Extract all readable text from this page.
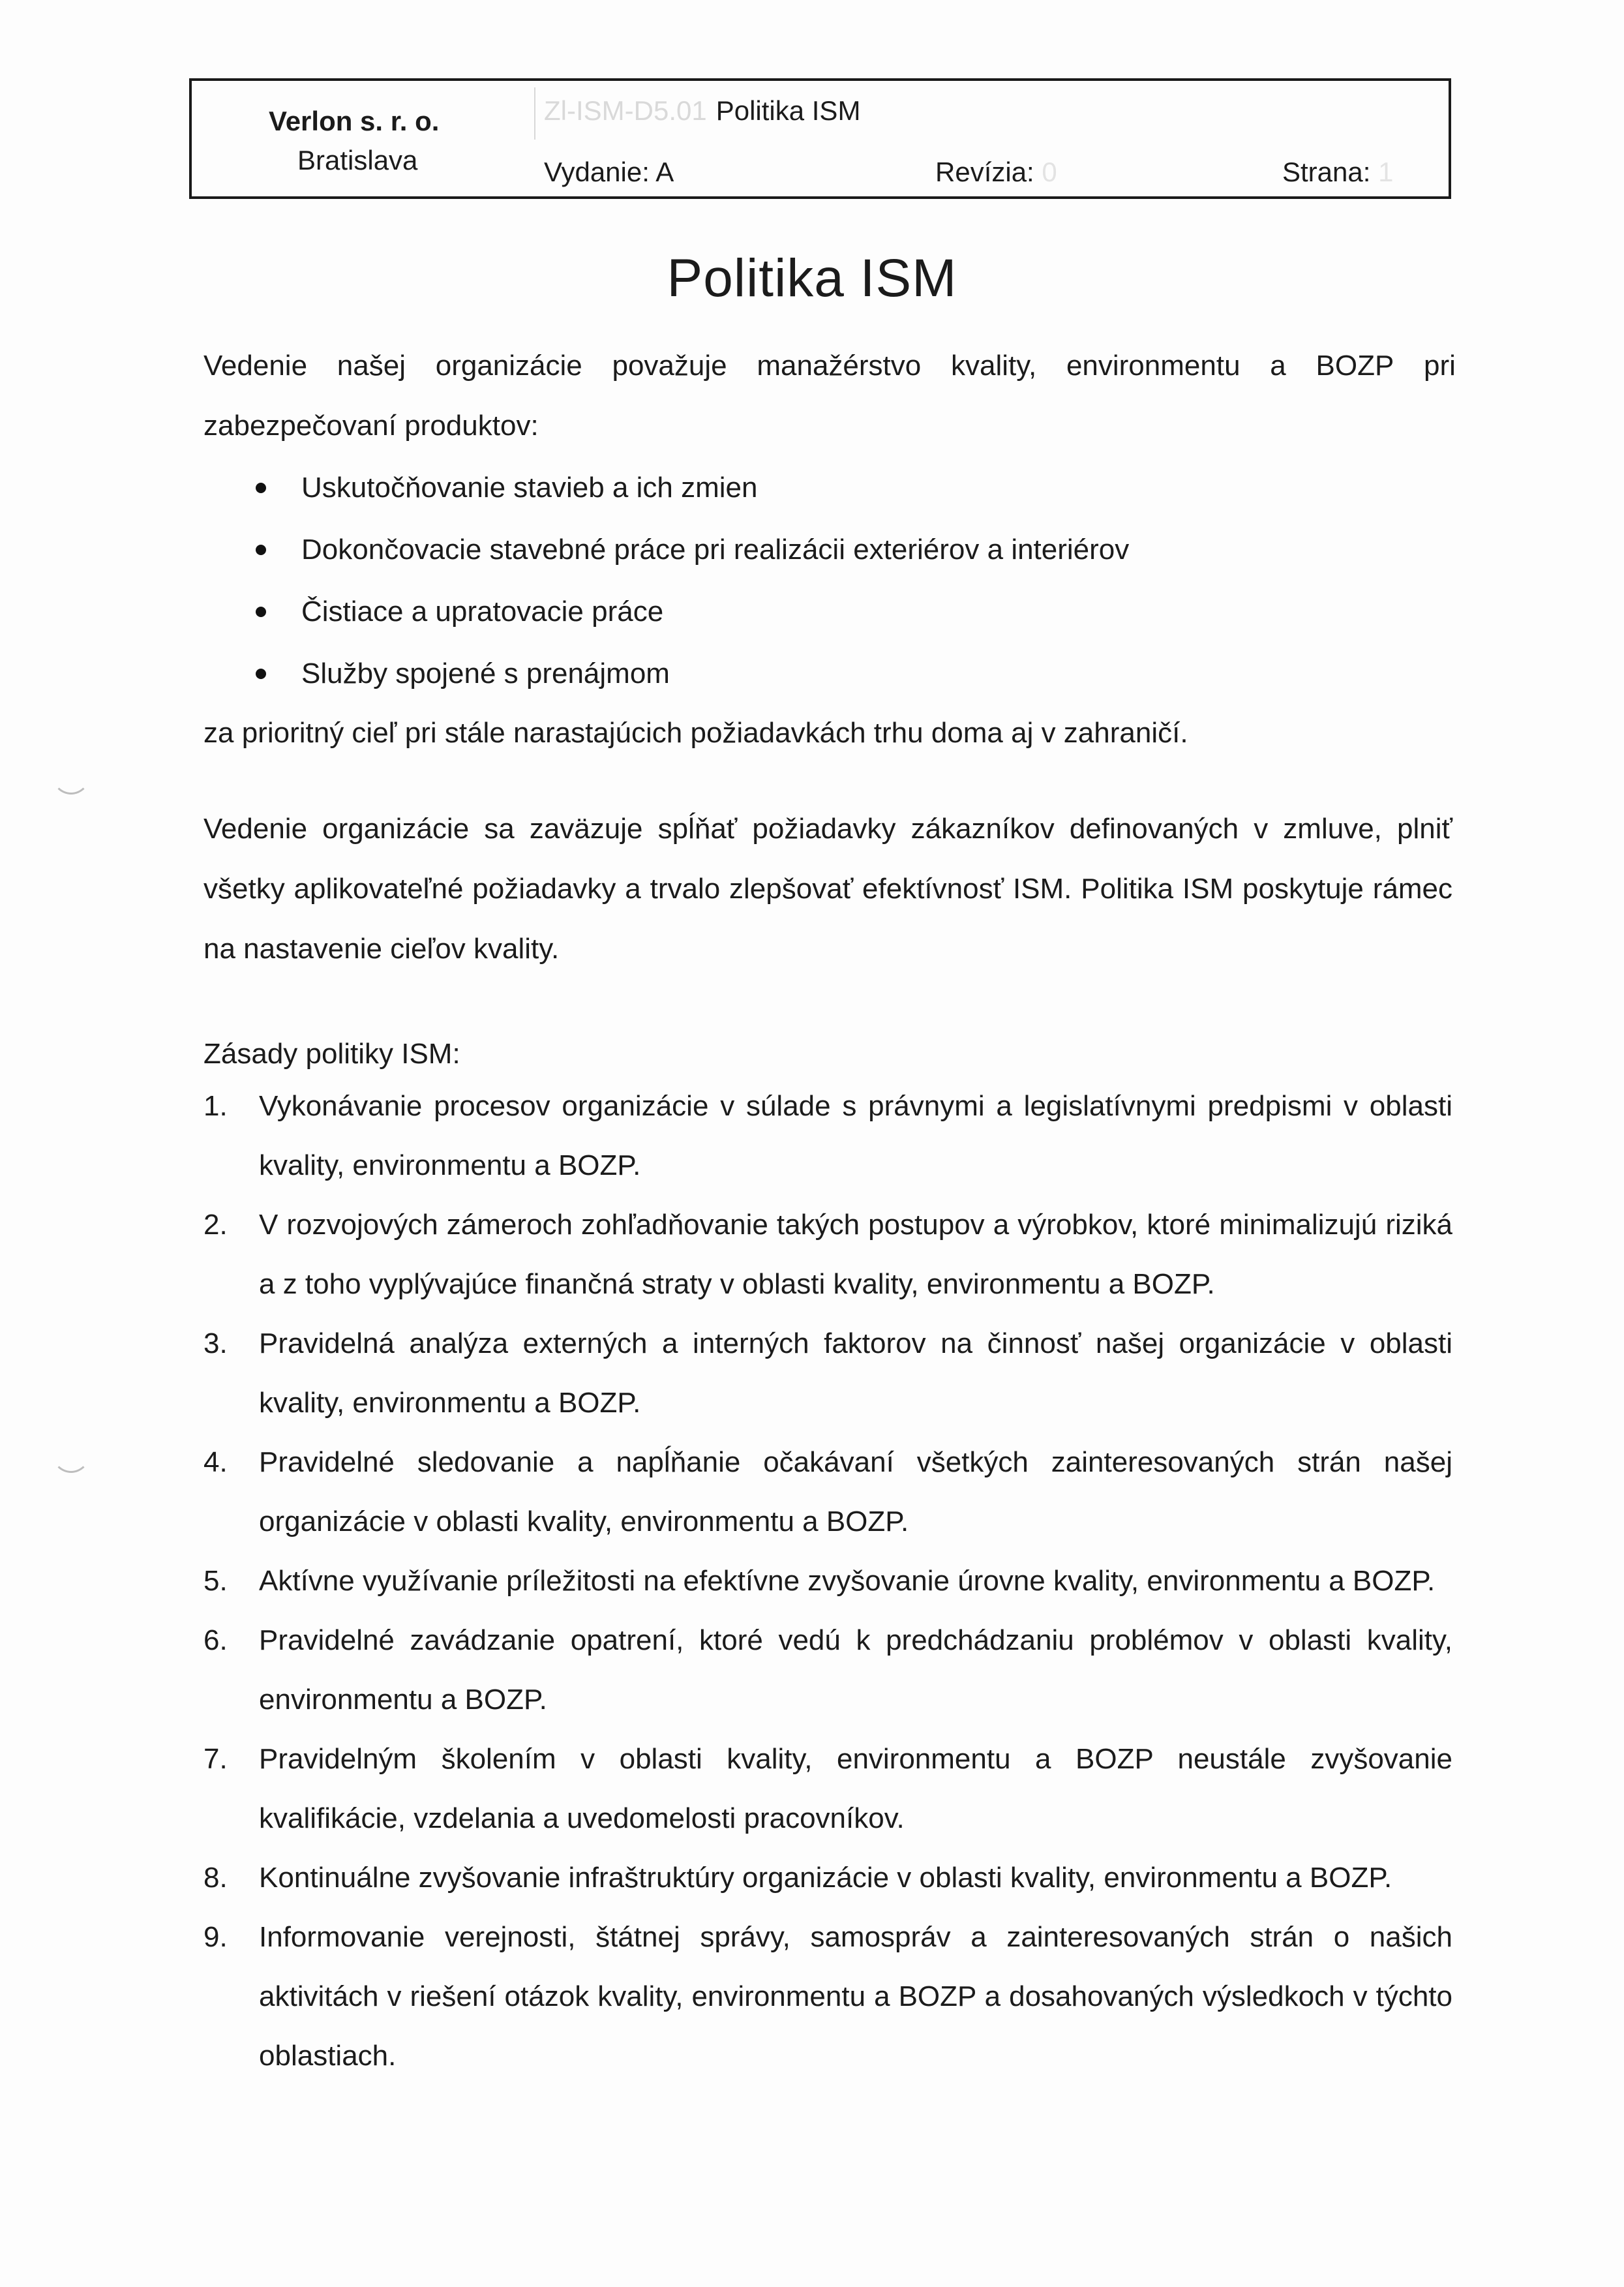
Verlon s. r. o.
Bratislava
Zl-ISM-D5.01 Politika ISM
Vydanie: A	Revízia: 0	Strana: 1
Politika ISM
Vedenie našej organizácie považuje manažérstvo kvality, environmentu a BOZP pri
zabezpečovaní produktov:
Uskutočňovanie stavieb a ich zmien
Dokončovacie stavebné práce pri realizácii exteriérov a interiérov
Čistiace a upratovacie práce
Služby spojené s prenájmom
za prioritný cieľ pri stále narastajúcich požiadavkách trhu doma aj v zahraničí.
Vedenie organizácie sa zaväzuje spĺňať požiadavky zákazníkov definovaných v zmluve, plniť všetky aplikovateľné požiadavky a trvalo zlepšovať efektívnosť ISM. Politika ISM poskytuje rámec na nastavenie cieľov kvality.
Zásady politiky ISM:
1.	Vykonávanie procesov organizácie v súlade s právnymi a legislatívnymi predpismi v oblasti kvality, environmentu a BOZP.
2.	V rozvojových zámeroch zohľadňovanie takých postupov a výrobkov, ktoré minimalizujú riziká a z toho vyplývajúce finančná straty v oblasti kvality, environmentu a BOZP.
3.	Pravidelná analýza externých a interných faktorov na činnosť našej organizácie v oblasti kvality, environmentu a BOZP.
4.	Pravidelné sledovanie a napĺňanie očakávaní všetkých zainteresovaných strán našej organizácie v oblasti kvality, environmentu a BOZP.
5.	Aktívne využívanie príležitosti na efektívne zvyšovanie úrovne kvality, environmentu a BOZP.
6.	Pravidelné zavádzanie opatrení, ktoré vedú k predchádzaniu problémov v oblasti kvality, environmentu a BOZP.
7.	Pravidelným školením v oblasti kvality, environmentu a BOZP neustále zvyšovanie kvalifikácie, vzdelania a uvedomelosti pracovníkov.
8.	Kontinuálne zvyšovanie infraštruktúry organizácie v oblasti kvality, environmentu a BOZP.
9.	Informovanie verejnosti, štátnej správy, samospráv a zainteresovaných strán o našich aktivitách v riešení otázok kvality, environmentu a BOZP a dosahovaných výsledkoch v týchto oblastiach.
